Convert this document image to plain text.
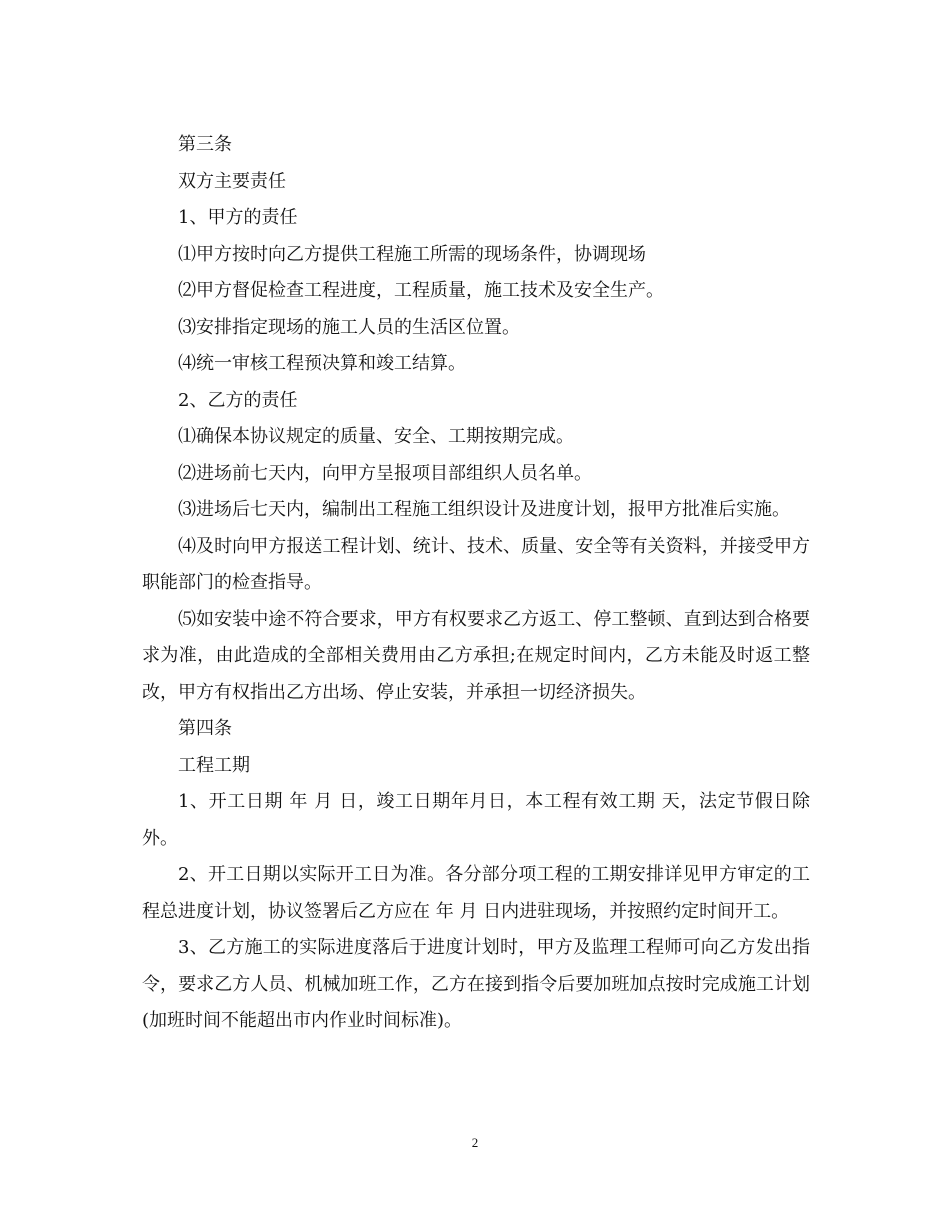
第三条

双方主要责任

1、甲方的责任

⑴甲方按时向乙方提供工程施工所需的现场条件，协调现场

⑵甲方督促检查工程进度，工程质量，施工技术及安全生产。

⑶安排指定现场的施工人员的生活区位置。

⑷统一审核工程预决算和竣工结算。

2、乙方的责任

⑴确保本协议规定的质量、安全、工期按期完成。

⑵进场前七天内，向甲方呈报项目部组织人员名单。

⑶进场后七天内，编制出工程施工组织设计及进度计划，报甲方批准后实施。

⑷及时向甲方报送工程计划、统计、技术、质量、安全等有关资料，并接受甲方职能部门的检查指导。

⑸如安装中途不符合要求，甲方有权要求乙方返工、停工整顿、直到达到合格要求为准，由此造成的全部相关费用由乙方承担;在规定时间内，乙方未能及时返工整改，甲方有权指出乙方出场、停止安装，并承担一切经济损失。

第四条

工程工期

1、开工日期 年 月 日，竣工日期年月日，本工程有效工期 天，法定节假日除外。

2、开工日期以实际开工日为准。各分部分项工程的工期安排详见甲方审定的工程总进度计划，协议签署后乙方应在 年 月 日内进驻现场，并按照约定时间开工。

3、乙方施工的实际进度落后于进度计划时，甲方及监理工程师可向乙方发出指令，要求乙方人员、机械加班工作，乙方在接到指令后要加班加点按时完成施工计划(加班时间不能超出市内作业时间标准)。

2
